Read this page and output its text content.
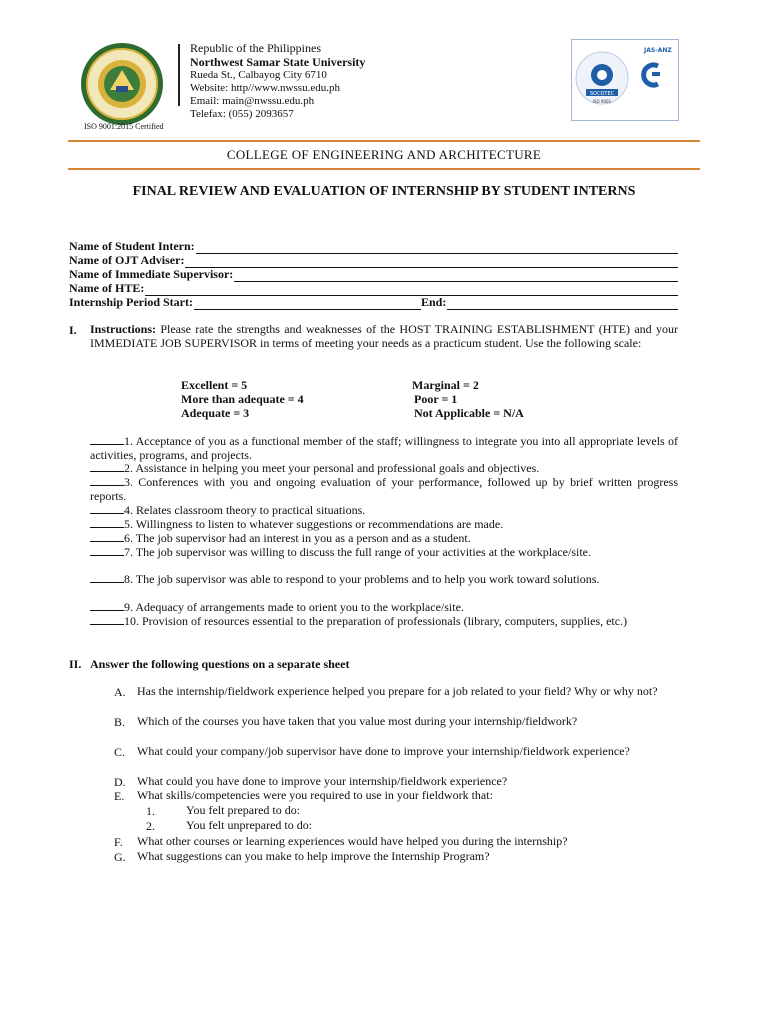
ISO 9001:2015 Certified
Republic of the Philippines
Northwest Samar State University
Rueda St., Calbayog City 6710
Website: http//www.nwssu.edu.ph
Email: main@nwssu.edu.ph
Telefax: (055) 2093657
SOCOTEC
ISO 9001
JAS-ANZ
COLLEGE OF ENGINEERING AND ARCHITECTURE
FINAL REVIEW AND EVALUATION OF INTERNSHIP BY STUDENT INTERNS
Name of Student Intern:
Name of OJT Adviser:
Name of Immediate Supervisor:
Name of HTE:
Internship Period Start:	End:
I. Instructions: Please rate the strengths and weaknesses of the HOST TRAINING ESTABLISHMENT (HTE) and your IMMEDIATE JOB SUPERVISOR in terms of meeting your needs as a practicum student. Use the following scale:
Excellent = 5
More than adequate = 4
Adequate = 3
Marginal = 2
Poor = 1
Not Applicable = N/A
1. Acceptance of you as a functional member of the staff; willingness to integrate you into all appropriate levels of activities, programs, and projects.
2. Assistance in helping you meet your personal and professional goals and objectives.
3. Conferences with you and ongoing evaluation of your performance, followed up by brief written progress reports.
4. Relates classroom theory to practical situations.
5. Willingness to listen to whatever suggestions or recommendations are made.
6. The job supervisor had an interest in you as a person and as a student.
7. The job supervisor was willing to discuss the full range of your activities at the workplace/site.
8. The job supervisor was able to respond to your problems and to help you work toward solutions.
9. Adequacy of arrangements made to orient you to the workplace/site.
10. Provision of resources essential to the preparation of professionals (library, computers, supplies, etc.)
II. Answer the following questions on a separate sheet
A. Has the internship/fieldwork experience helped you prepare for a job related to your field? Why or why not?
B. Which of the courses you have taken that you value most during your internship/fieldwork?
C. What could your company/job supervisor have done to improve your internship/fieldwork experience?
D. What could you have done to improve your internship/fieldwork experience?
E. What skills/competencies were you required to use in your fieldwork that:
1.	You felt prepared to do:
2.	You felt unprepared to do:
F. What other courses or learning experiences would have helped you during the internship?
G. What suggestions can you make to help improve the Internship Program?
